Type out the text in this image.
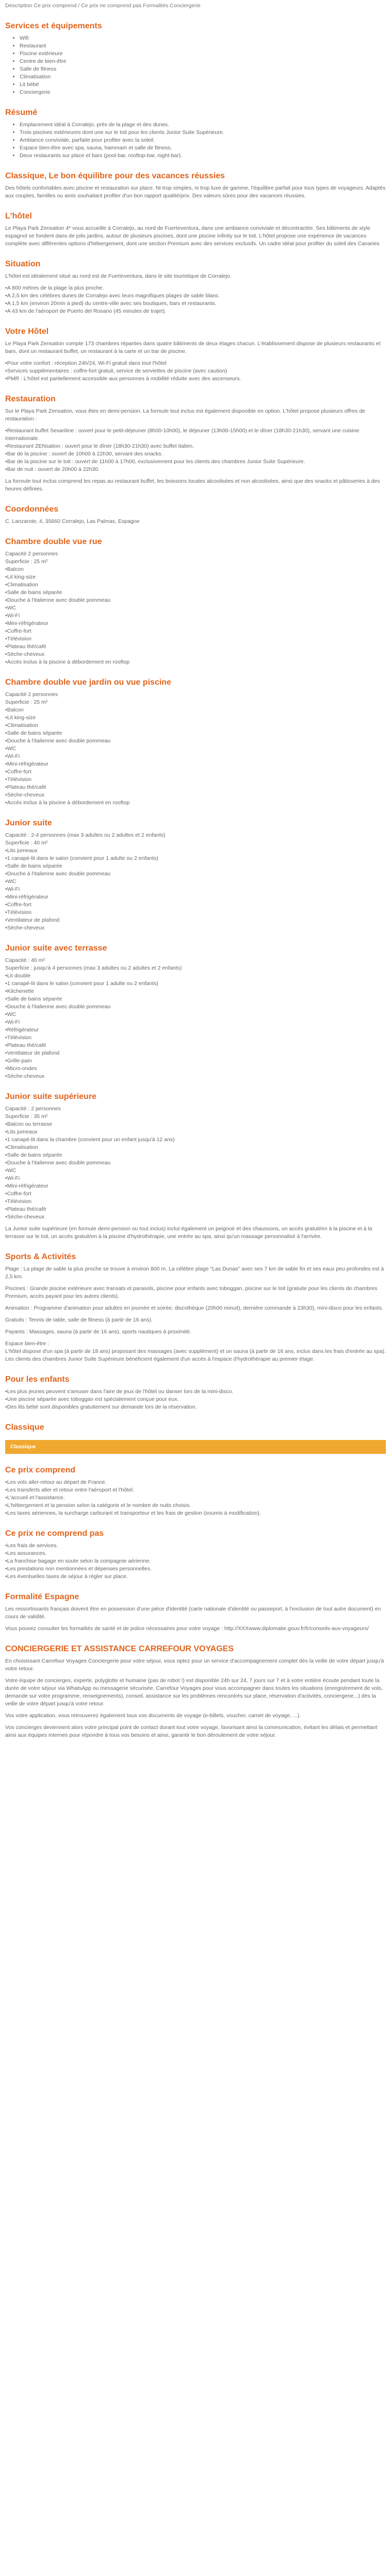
Description Ce prix comprend / Ce prix ne comprend pas Formalités Conciergerie

Services et équipements
• Wifi
• Restaurant
• Piscine extérieure
• Centre de bien-être
• Salle de fitness
• Climatisation
• Lit bébé
• Conciergerie
Résumé
• Emplacement idéal à Corralejo, près de la plage et des dunes.
• Trois piscines extérieures dont une sur le toit pour les clients Junior Suite Supérieure.
• Ambiance conviviale, parfaite pour profiter avec la soleil.
• Espace bien-être avec spa, sauna, hammam et salle de fitness.
• Deux restaurants sur place et bars (pool-bar, rooftop-bar, night-bar).
Classique, Le bon équilibre pour des vacances réussies

Des hôtels confortables avec piscine et restauration sur place. Ni trop simples, ni trop luxe de gamme, l'équilibre parfait pour tous types de voyageurs. Adaptés aux couples, familles ou amis souhaitant profiter d'un bon rapport qualité/prix. Des valeurs sûres pour des vacances réussies.

L'hôtel

Le Playa Park Zensation 4* vous accueille à Corralejo, au nord de Fuerteventura, dans une ambiance conviviale et décontractée. Ses bâtiments de style espagnol se fondent dans de jolis jardins, autour de plusieurs piscines, dont une piscine infinity sur le toit. L'hôtel propose une expérience de vacances complète avec différentes options d'hébergement, dont une section Premium avec des services exclusifs. Un cadre idéal pour profiter du soleil des Canaries

Situation

L'hôtel est idéalement situé au nord est de Fuerteventura, dans le site touristique de Corralejo.

• A 800 mètres de la plage la plus proche.
• A 2,5 km des célèbres dunes de Corralejo avec leurs magnifiques plages de sable blanc.
• A 1,5 km (environ 20min à pied) du centre-ville avec ses boutiques, bars et restaurants.
• A 43 km de l'aéroport de Puerto del Rosario (45 minutes de trajet).
Votre Hôtel

Le Playa Park Zensation compte 173 chambres réparties dans quatre bâtiments de deux étages chacun. L'établissement dispose de plusieurs restaurants et bars, dont un restaurant buffet, un restaurant à la carte et un bar de piscine.

• Pour votre confort : réception 24h/24, Wi-Fi gratuit dans tout l'hôtel
• Services supplémentaires : coffre-fort gratuit, service de serviettes de piscine (avec caution)
• PMR : L'hôtel est partiellement accessible aux personnes à mobilité réduite avec des ascenseurs.
Restauration

Sur le Playa Park Zensation, vous êtes en demi-pension. La formule tout inclus est également disponible en option. L'hôtel propose plusieurs offres de restauration :

• Restaurant buffet Sesariline : ouvert pour le petit-déjeuner (8h00-10h00), le déjeuner (13h00-15h00) et le dîner (18h30-21h30), servant une cuisine internationale.
• Restaurant ZENsation : ouvert pour le dîner (18h30-21h30) avec buffet italien.
• Bar de la piscine : ouvert de 10h00 à 22h30, servant des snacks.
• Bar de la piscine sur le toit : ouvert de 11h00 à 17h00, exclusivement pour les clients des chambres Junior Suite Supérieure.
• Bar de nuit : ouvert de 20h00 à 22h30.

La formule tout inclus comprend les repas au restaurant buffet, les boissons locales alcoolisées et non alcoolisées, ainsi que des snacks et pâtisseries à des heures définies.

Coordonnées

C. Lanzarote, 4, 35660 Corralejo, Las Palmas, Espagne

Chambre double vue rue
Capacité 2 personnes
Superficie : 25 m²
• Balcon
• Lit king-size
• Climatisation
• Salle de bains séparée
• Douche à l'italienne avec double pommeau
• WC
• Wi-Fi
• Mini-réfrigérateur
• Coffre-fort
• Télévision
• Plateau thé/café
• Sèche-cheveux
• Accès inclus à la piscine à débordement en rooftop
Chambre double vue jardin ou vue piscine
Capacité 2 personnes
Superficie : 25 m²
• Balcon
• Lit king-size
• Climatisation
• Salle de bains séparée
• Douche à l'italienne avec double pommeau
• WC
• Wi-Fi
• Mini-réfrigérateur
• Coffre-fort
• Télévision
• Plateau thé/café
• Sèche-cheveux
• Accès inclus à la piscine à débordement en rooftop
Junior suite
Capacité : 2-4 personnes (max 3 adultes ou 2 adultes et 2 enfants)
Superficie : 40 m²
• Lits jumeaux
• 1 canapé-lit dans le salon (convient pour 1 adulte ou 2 enfants)
• Salle de bains séparée
• Douche à l'italienne avec double pommeau
• WC
• Wi-Fi
• Mini-réfrigérateur
• Coffre-fort
• Télévision
• Ventilateur de plafond
• Sèche-cheveux
Junior suite avec terrasse
Capacité : 40 m²
Superficie : jusqu'à 4 personnes (max 3 adultes ou 2 adultes et 2 enfants)
• Lit double
• 1 canapé-lit dans le salon (convient pour 1 adulte ou 2 enfants)
• Kitchenette
• Salle de bains séparée
• Douche à l'italienne avec double pommeau
• WC
• Wi-Fi
• Réfrigérateur
• Télévision
• Plateau thé/café
• Ventilateur de plafond
• Grille-pain
• Micro-ondes
• Sèche-cheveux
Junior suite supérieure
Capacité : 2 personnes
Superficie : 35 m²
• Balcon ou terrasse
• Lits jumeaux
• 1 canapé-lit dans la chambre (convient pour un enfant jusqu'à 12 ans)
• Climatisation
• Salle de bains séparée
• Douche à l'italienne avec double pommeau
• WC
• Wi-Fi
• Mini-réfrigérateur
• Coffre-fort
• Télévision
• Plateau thé/café
• Sèche-cheveux

La Junior suite supérieure (en formule demi-pension ou tout inclus) inclut également un peignoir et des chaussons, un accès gratuit/en à la piscine et à la terrasse sur le toit, un accès gratuit/en à la piscine d'hydrothérapie, une entrée au spa, ainsi qu'un massage personnalisé à l'arrivée.

Sports & Activités

Plage : La plage de sable la plus proche se trouve à environ 800 m. La célèbre plage "Las Dunas" avec ses 7 km de sable fin et ses eaux peu profondes est à 2,5 km.

Piscines : Grande piscine extérieure avec transats et parasols, piscine pour enfants avec toboggan, piscine sur le toit (gratuite pour les clients de chambres Premium, accès payant pour les autres clients).

Animation : Programme d'animation pour adultes en journée et soirée, discothèque (20h00 minuit), dernière commande à 23h30), mini-disco pour les enfants.

Gratuits : Tennis de table, salle de fitness (à partir de 16 ans).

Payants : Massages, sauna (à partir de 16 ans), sports nautiques à proximité.

Espace bien-être :

L'hôtel dispose d'un spa (à partir de 18 ans) proposant des massages (avec supplément) et un sauna (à partir de 16 ans, inclus dans les frais d'entrée au spa). Les clients des chambres Junior Suite Supérieure bénéficient également d'un accès à l'espace d'hydrothérapie au premier étage.

Pour les enfants
• Les plus jeunes peuvent s'amuser dans l'aire de jeux de l'hôtel ou danser lors de la mini-disco.
• Une piscine séparée avec toboggan est spécialement conçue pour eux.
• Des lits bébé sont disponibles gratuitement sur demande lors de la réservation.
Classique
Classique
Ce prix comprend
• Les vols aller-retour au départ de France.
• Les transferts aller et retour entre l'aéroport et l'hôtel.
• L'accueil et l'assistance.
• L'hébergement et la pension selon la catégorie et le nombre de nuits choisis.
• Les taxes aériennes, la surcharge carburant et transporteur et les frais de gestion (soumis à modification).
Ce prix ne comprend pas
• Les frais de services.
• Les assurances.
• La franchise bagage en soute selon la compagnie aérienne.
• Les prestations non mentionnées et dépenses personnelles.
• Les éventuelles taxes de séjour à régler sur place.
Formalité Espagne

Les ressortissants français doivent être en possession d'une pièce d'identité (carte nationale d'identité ou passeport, à l'exclusion de tout autre document) en cours de validité.

Vous pouvez consulter les formalités de santé et de police nécessaires pour votre voyage : http://XXXwww.diplomatie.gouv.fr/fr/conseils-aux-voyageurs/

CONCIERGERIE ET ASSISTANCE CARREFOUR VOYAGES

En choisissant Carrefour Voyages Conciergerie pour votre séjour, vous optez pour un service d'accompagnement complet dès la veille de votre départ jusqu'à votre retour.

Votre équipe de concierges, experte, polyglotte et humaine (pas de robot !) est disponible 24h sur 24, 7 jours sur 7 et à votre entière écoute pendant toute la durée de votre séjour via WhatsApp ou messagerie sécurisée. Carrefour Voyages pour vous accompagner dans toutes les situations (enregistrement de vols, demande sur votre programme, renseignements), conseil, assistance sur les problèmes rencontrés sur place, réservation d'activités, conciergerie...) dès la veille de votre départ jusqu'à votre retour.

Vos votre application, vous retrouverez également tous vos documents de voyage (e-billets, voucher, carnet de voyage, ...).

Vos concierges deviennent alors votre principal point de contact durant tout votre voyage, favorisant ainsi la communication, évitant les délais et permettant ainsi aux équipes internes pour répondre à tous vos besoins et ainsi, garantir le bon déroulement de votre séjour.
